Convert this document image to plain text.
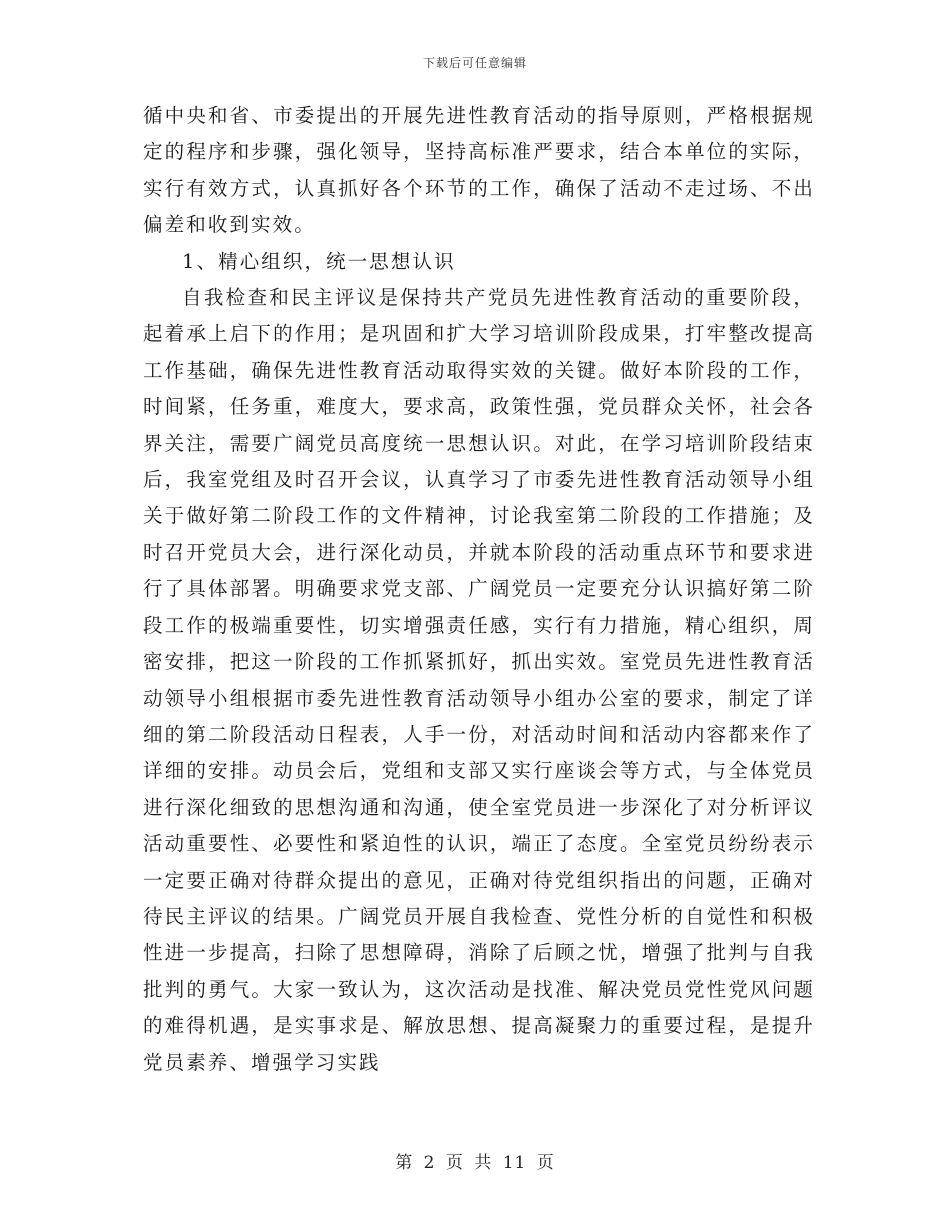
下载后可任意编辑

循中央和省、市委提出的开展先进性教育活动的指导原则，严格根据规定的程序和步骤，强化领导，坚持高标准严要求，结合本单位的实际，实行有效方式，认真抓好各个环节的工作，确保了活动不走过场、不出偏差和收到实效。

1、精心组织，统一思想认识

自我检查和民主评议是保持共产党员先进性教育活动的重要阶段，起着承上启下的作用；是巩固和扩大学习培训阶段成果，打牢整改提高工作基础，确保先进性教育活动取得实效的关键。做好本阶段的工作，时间紧，任务重，难度大，要求高，政策性强，党员群众关怀，社会各界关注，需要广阔党员高度统一思想认识。对此，在学习培训阶段结束后，我室党组及时召开会议，认真学习了市委先进性教育活动领导小组关于做好第二阶段工作的文件精神，讨论我室第二阶段的工作措施；及时召开党员大会，进行深化动员，并就本阶段的活动重点环节和要求进行了具体部署。明确要求党支部、广阔党员一定要充分认识搞好第二阶段工作的极端重要性，切实增强责任感，实行有力措施，精心组织，周密安排，把这一阶段的工作抓紧抓好，抓出实效。室党员先进性教育活动领导小组根据市委先进性教育活动领导小组办公室的要求，制定了详细的第二阶段活动日程表，人手一份，对活动时间和活动内容都来作了详细的安排。动员会后，党组和支部又实行座谈会等方式，与全体党员进行深化细致的思想沟通和沟通，使全室党员进一步深化了对分析评议活动重要性、必要性和紧迫性的认识，端正了态度。全室党员纷纷表示一定要正确对待群众提出的意见，正确对待党组织指出的问题，正确对待民主评议的结果。广阔党员开展自我检查、党性分析的自觉性和积极性进一步提高，扫除了思想障碍，消除了后顾之忧，增强了批判与自我批判的勇气。大家一致认为，这次活动是找准、解决党员党性党风问题的难得机遇，是实事求是、解放思想、提高凝聚力的重要过程，是提升党员素养、增强学习实践

第 2 页 共 11 页
